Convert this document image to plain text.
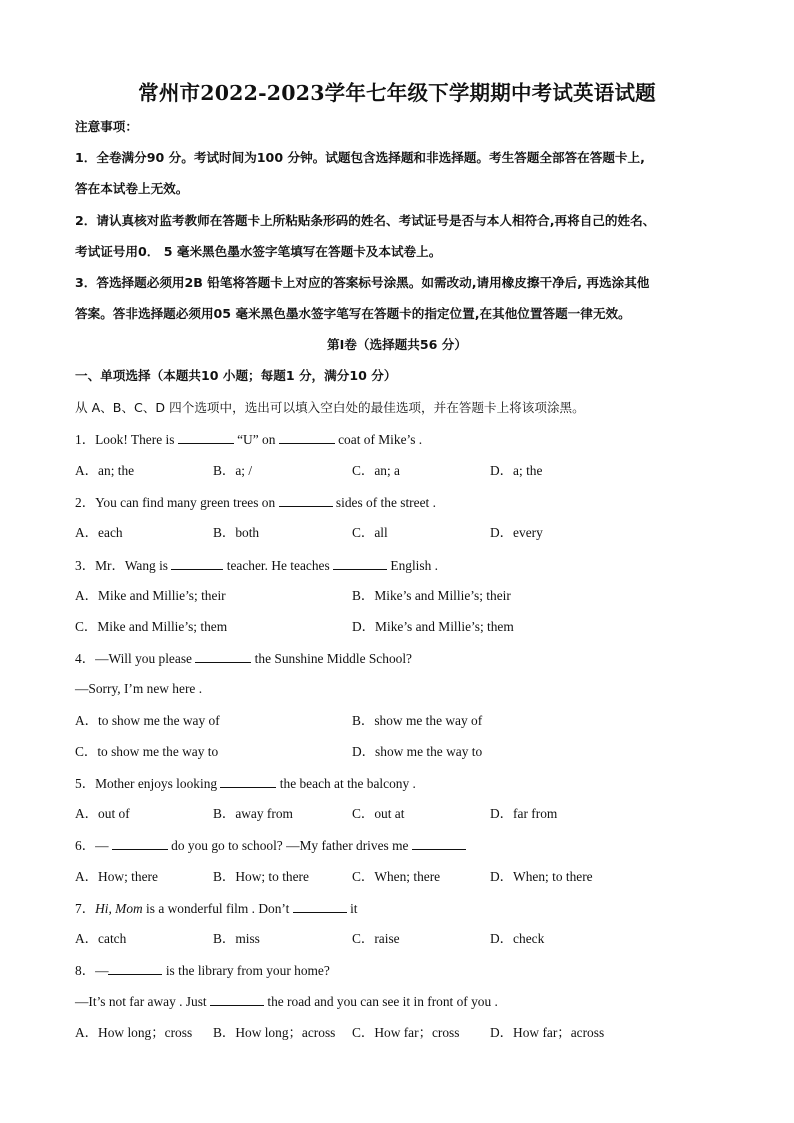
常州市2022-2023学年七年级下学期期中考试英语试题
注意事项：
1．全卷满分90 分。考试时间为100 分钟。试题包含选择题和非选择题。考生答题全部答在答题卡上,
答在本试卷上无效。
2．请认真核对监考教师在答题卡上所粘贴条形码的姓名、考试证号是否与本人相符合,再将自己的姓名、
考试证号用0． 5 毫米黑色墨水签字笔填写在答题卡及本试卷上。
3．答选择题必须用2B 铅笔将答题卡上对应的答案标号涂黑。如需改动,请用橡皮擦干净后, 再选涂其他
答案。答非选择题必须用05 毫米黑色墨水签字笔写在答题卡的指定位置,在其他位置答题一律无效。
第I卷（选择题共56 分）
一、单项选择（本题共10 小题；每题1 分，满分10 分）
从 A、B、C、D 四个选项中，选出可以填入空白处的最佳选项，并在答题卡上将该项涂黑。
1．Look! There is	“U” on	coat of Mike’s .
A．an; the	B．a; /	C．an; a	D．a; the
2．You can find many green trees on	sides of the street .
A．each	B．both	C．all	D．every
3．Mr．Wang is	teacher. He teaches	English .
A．Mike and Millie’s; their	B．Mike’s and Millie’s; their
C．Mike and Millie’s; them	D．Mike’s and Millie’s; them
4．—Will you please	the Sunshine Middle School?
—Sorry, I’m new here .
A．to show me the way of	B．show me the way of
C．to show me the way to	D．show me the way to
5．Mother enjoys looking	the beach at the balcony .
A．out of	B．away from	C．out at	D．far from
6．—	do you go to school? —My father drives me
A．How; there	B．How; to there	C．When; there	D．When; to there
7．Hi, Mom is a wonderful film . Don’t	it
A．catch	B．miss	C．raise	D．check
8．—	is the library from your home?
—It’s not far away . Just	the road and you can see it in front of you .
A．How long；cross B．How long；across C．How far；cross D．How far；across
